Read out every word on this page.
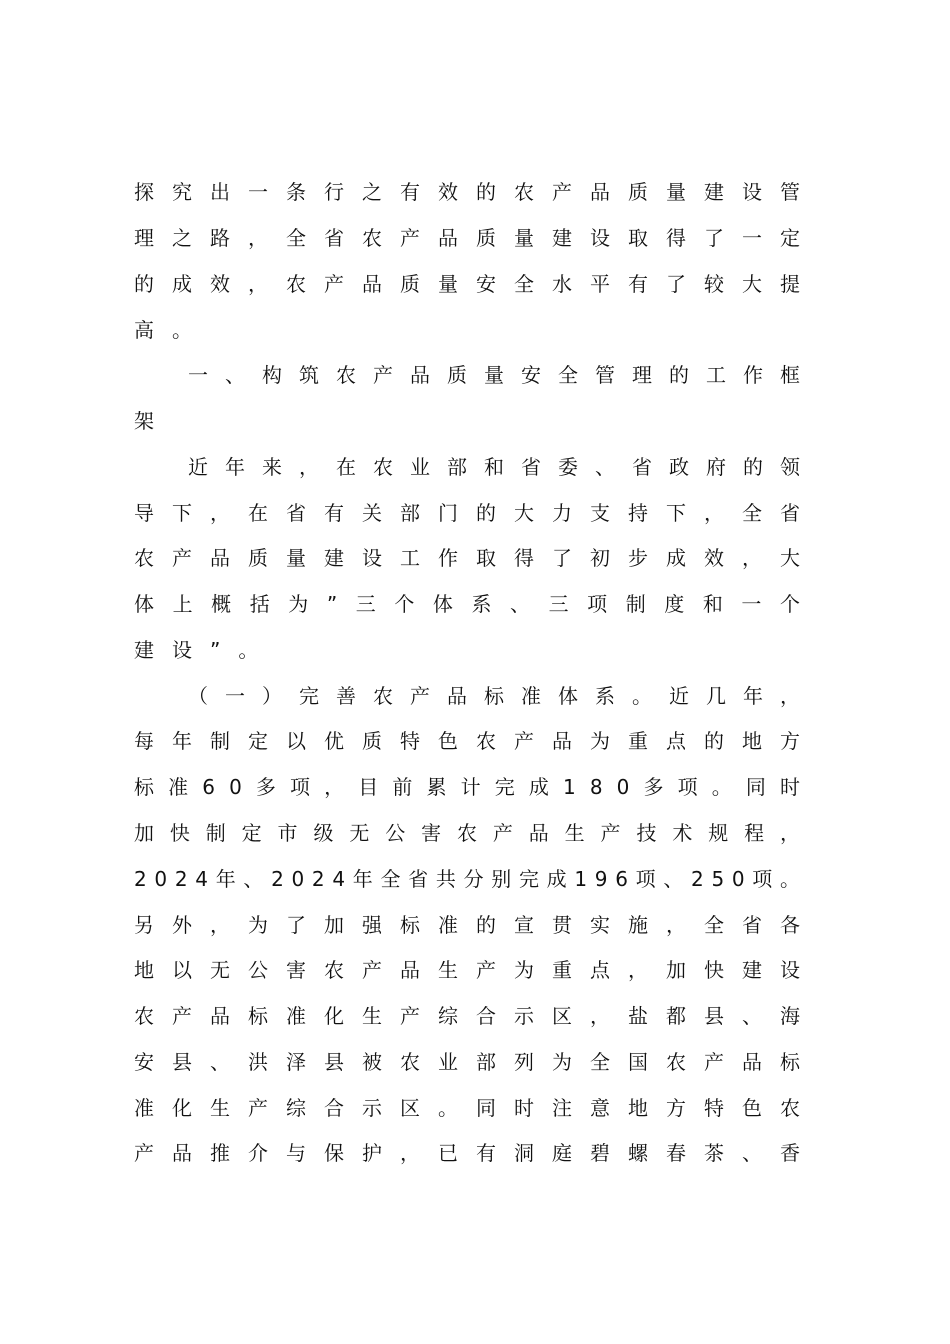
探究出一条行之有效的农产品质量建设管
理之路，全省农产品质量建设取得了一定
的成效，农产品质量安全水平有了较大提
高。
一、构筑农产品质量安全管理的工作框
架
近年来，在农业部和省委、省政府的领
导下，在省有关部门的大力支持下，全省
农产品质量建设工作取得了初步成效，大
体上概括为”三个体系、三项制度和一个
建设”。
（一）完善农产品标准体系。近几年，
每年制定以优质特色农产品为重点的地方
标准60多项，目前累计完成180多项。同时
加快制定市级无公害农产品生产技术规程，
2024年、2024年全省共分别完成196项、250项。
另外，为了加强标准的宣贯实施，全省各
地以无公害农产品生产为重点，加快建设
农产品标准化生产综合示区，盐都县、海
安县、洪泽县被农业部列为全国农产品标
准化生产综合示区。同时注意地方特色农
产品推介与保护，已有洞庭碧螺春茶、香
